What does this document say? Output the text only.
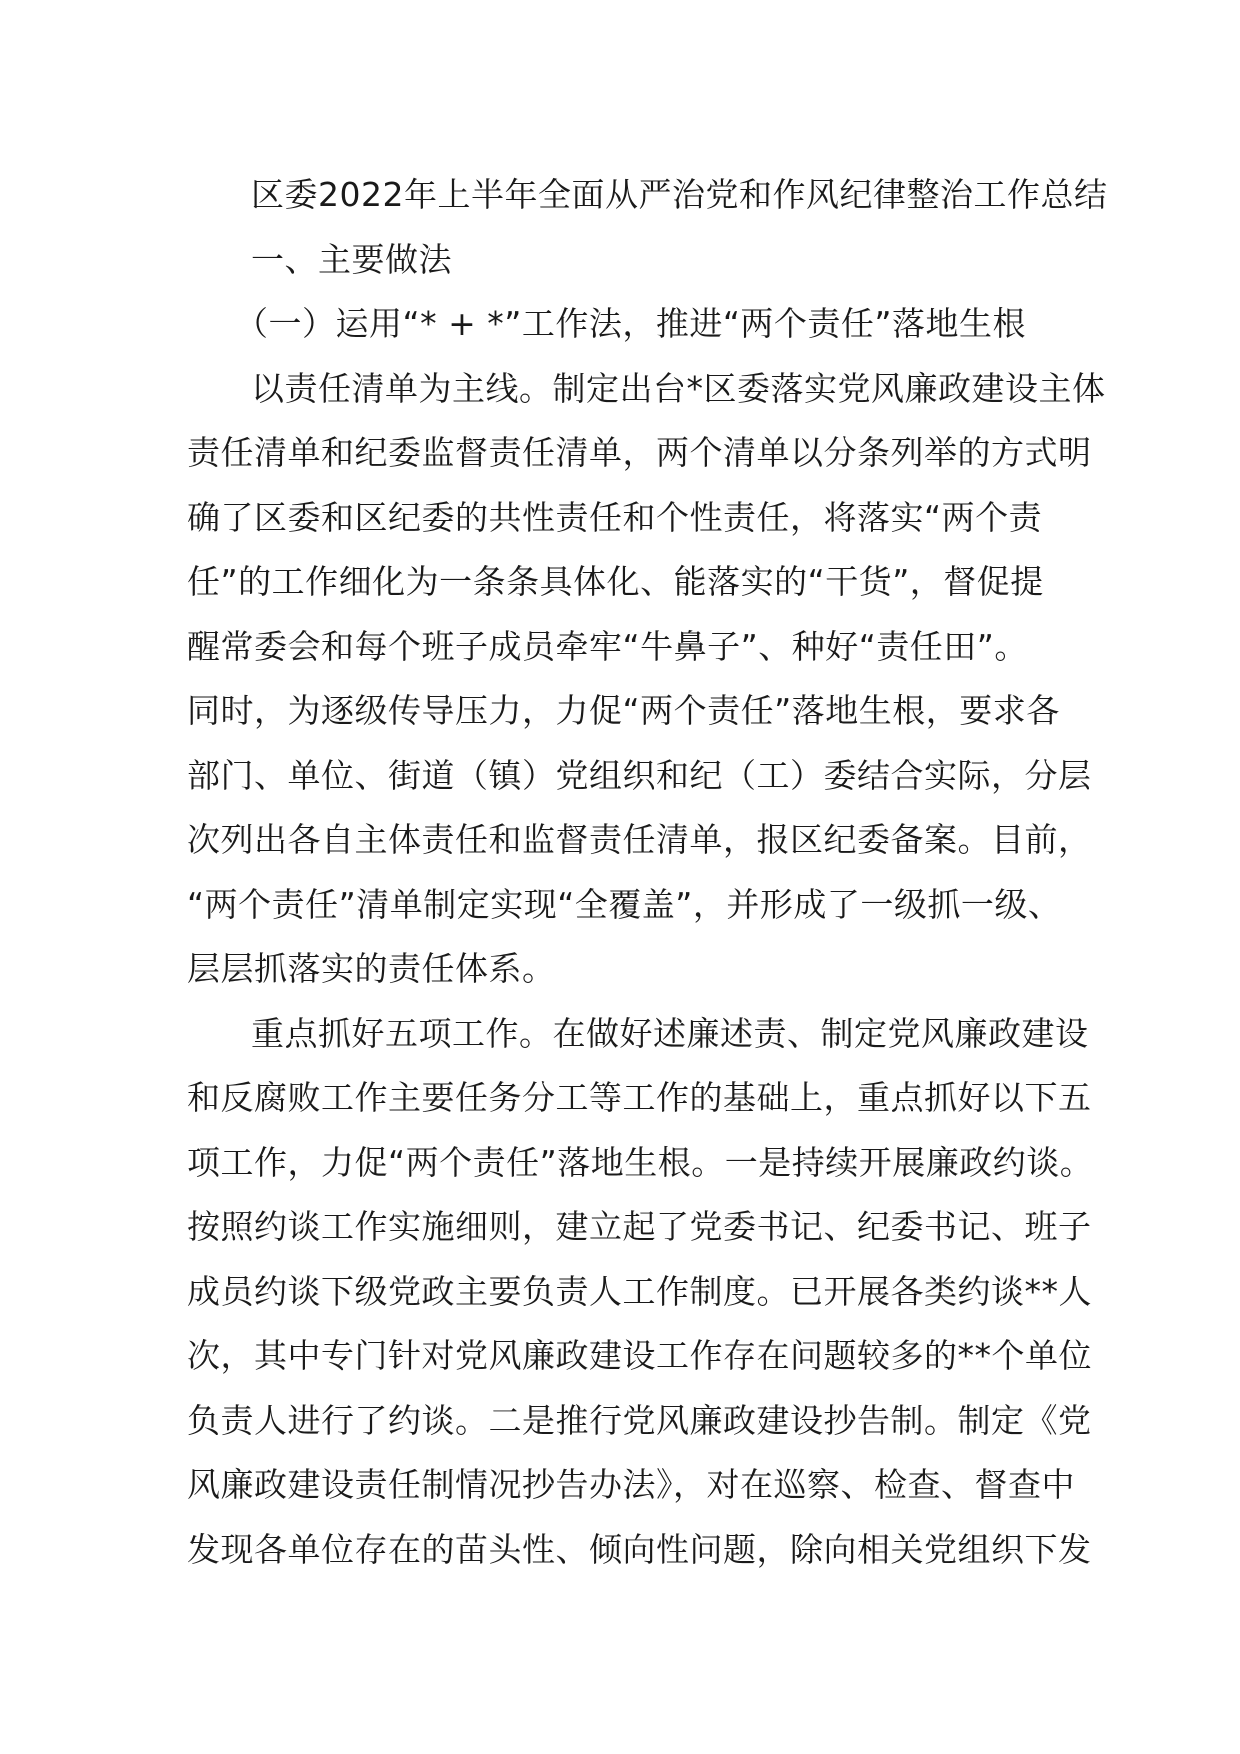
区委2022年上半年全面从严治党和作风纪律整治工作总结
一、主要做法
（一）运用“* + *”工作法，推进“两个责任”落地生根
以责任清单为主线。制定出台*区委落实党风廉政建设主体
责任清单和纪委监督责任清单，两个清单以分条列举的方式明
确了区委和区纪委的共性责任和个性责任，将落实“两个责
任”的工作细化为一条条具体化、能落实的“干货”，督促提
醒常委会和每个班子成员牵牢“牛鼻子”、种好“责任田”。
同时，为逐级传导压力，力促“两个责任”落地生根，要求各
部门、单位、街道（镇）党组织和纪（工）委结合实际，分层
次列出各自主体责任和监督责任清单，报区纪委备案。目前，
“两个责任”清单制定实现“全覆盖”，并形成了一级抓一级、
层层抓落实的责任体系。
重点抓好五项工作。在做好述廉述责、制定党风廉政建设
和反腐败工作主要任务分工等工作的基础上，重点抓好以下五
项工作，力促“两个责任”落地生根。一是持续开展廉政约谈。
按照约谈工作实施细则，建立起了党委书记、纪委书记、班子
成员约谈下级党政主要负责人工作制度。已开展各类约谈**人
次，其中专门针对党风廉政建设工作存在问题较多的**个单位
负责人进行了约谈。二是推行党风廉政建设抄告制。制定《党
风廉政建设责任制情况抄告办法》，对在巡察、检查、督查中
发现各单位存在的苗头性、倾向性问题，除向相关党组织下发
